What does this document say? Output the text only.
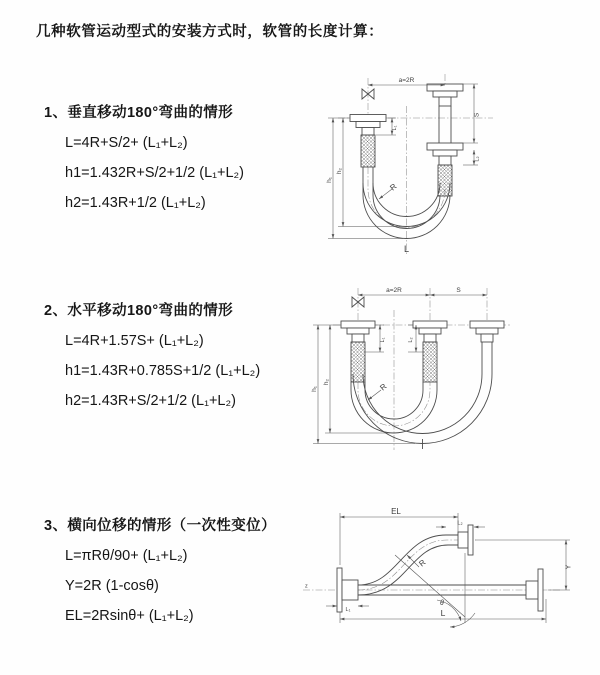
几种软管运动型式的安装方式时，软管的长度计算：
1、垂直移动180°弯曲的情形
L=4R+S/2+ (L₁+L₂)
h1=1.432R+S/2+1/2 (L₁+L₂)
h2=1.43R+1/2 (L₁+L₂)
a=2R
h₁
h₂
L₁
S
L₂
R
L
2、水平移动180°弯曲的情形
L=4R+1.57S+ (L₁+L₂)
h1=1.43R+0.785S+1/2 (L₁+L₂)
h2=1.43R+S/2+1/2 (L₁+L₂)
a=2R	S
h₁
h₂
L₁	L₂
R
3、横向位移的情形（一次性变位）
L=πRθ/90+ (L₁+L₂)
Y=2R (1-cosθ)
EL=2Rsinθ+ (L₁+L₂)
z
θ
R
EL
L₂
Y
L₁	L
